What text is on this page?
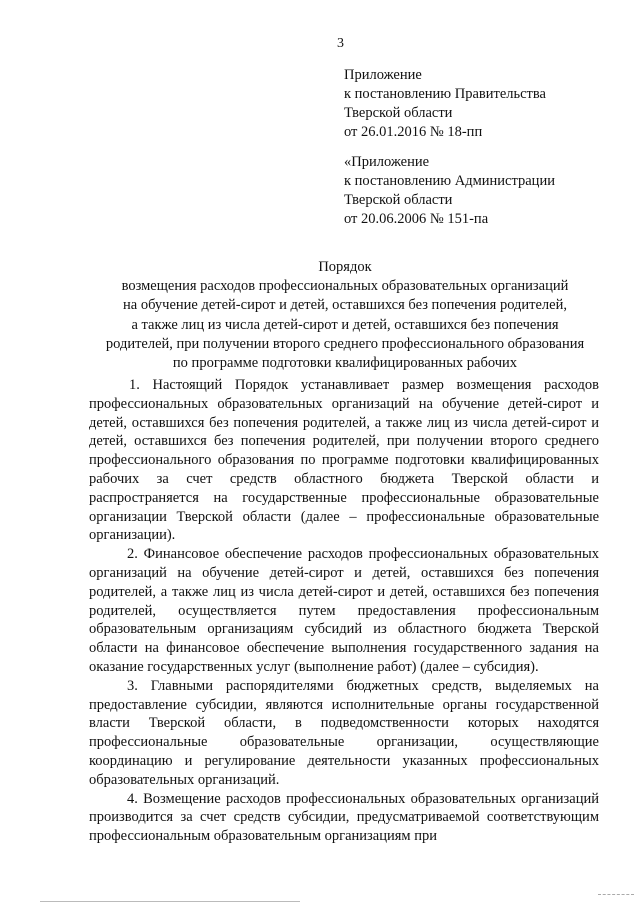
3
Приложение
к постановлению Правительства
Тверской области
от 26.01.2016 № 18-пп
«Приложение
к постановлению Администрации
Тверской области
от 20.06.2006 № 151-па
Порядок
возмещения расходов профессиональных образовательных организаций
на обучение детей-сирот и детей, оставшихся без попечения родителей,
а также лиц из числа детей-сирот и детей, оставшихся без попечения
родителей, при получении второго среднего профессионального образования
по программе подготовки квалифицированных рабочих

1. Настоящий Порядок устанавливает размер возмещения расходов профессиональных образовательных организаций на обучение детей-сирот и детей, оставшихся без попечения родителей, а также лиц из числа детей-сирот и детей, оставшихся без попечения родителей, при получении второго среднего профессионального образования по программе подготовки квалифицированных рабочих за счет средств областного бюджета Тверской области и распространяется на государственные профессиональные образовательные организации Тверской области (далее – профессиональные образовательные организации).

2. Финансовое обеспечение расходов профессиональных образовательных организаций на обучение детей-сирот и детей, оставшихся без попечения родителей, а также лиц из числа детей-сирот и детей, оставшихся без попечения родителей, осуществляется путем предоставления профессиональным образовательным организациям субсидий из областного бюджета Тверской области на финансовое обеспечение выполнения государственного задания на оказание государственных услуг (выполнение работ) (далее – субсидия).

3. Главными распорядителями бюджетных средств, выделяемых на предоставление субсидии, являются исполнительные органы государственной власти Тверской области, в подведомственности которых находятся профессиональные образовательные организации, осуществляющие координацию и регулирование деятельности указанных профессиональных образовательных организаций.

4. Возмещение расходов профессиональных образовательных организаций производится за счет средств субсидии, предусматриваемой соответствующим профессиональным образовательным организациям при
